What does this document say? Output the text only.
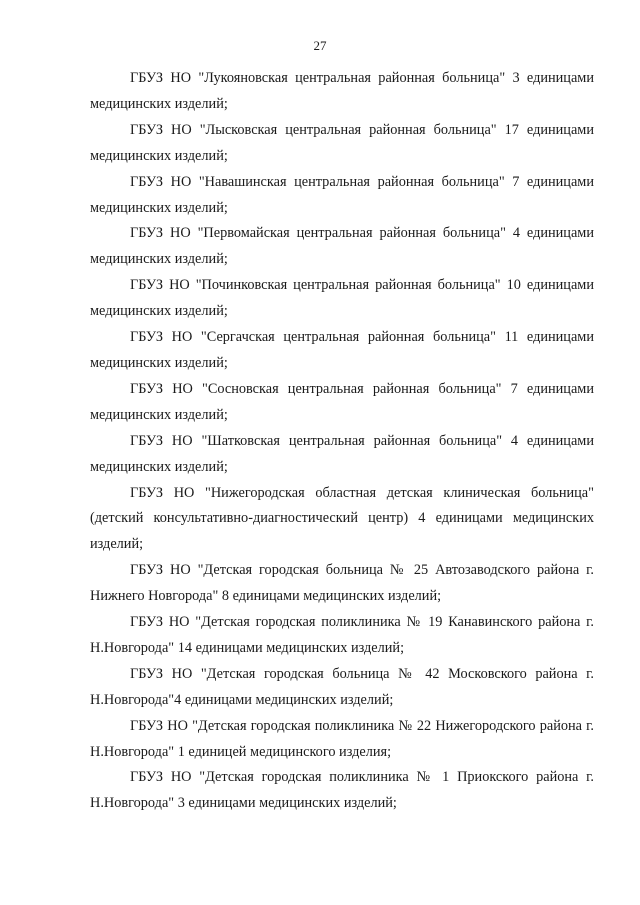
27

ГБУЗ НО "Лукояновская центральная районная больница" 3 единицами медицинских изделий;

ГБУЗ НО "Лысковская центральная районная больница" 17 единицами медицинских изделий;

ГБУЗ НО "Навашинская центральная районная больница" 7 единицами медицинских изделий;

ГБУЗ НО "Первомайская центральная районная больница" 4 единицами медицинских изделий;

ГБУЗ НО "Починковская центральная районная больница" 10 единицами медицинских изделий;

ГБУЗ НО "Сергачская центральная районная больница" 11 единицами медицинских изделий;

ГБУЗ НО "Сосновская центральная районная больница" 7 единицами медицинских изделий;

ГБУЗ НО "Шатковская центральная районная больница" 4 единицами медицинских изделий;

ГБУЗ НО "Нижегородская областная детская клиническая больница" (детский консультативно-диагностический центр) 4 единицами медицинских изделий;

ГБУЗ НО "Детская городская больница № 25 Автозаводского района г. Нижнего Новгорода" 8 единицами медицинских изделий;

ГБУЗ НО "Детская городская поликлиника № 19 Канавинского района г. Н.Новгорода" 14 единицами медицинских изделий;

ГБУЗ НО "Детская городская больница № 42 Московского района г. Н.Новгорода"4 единицами медицинских изделий;

ГБУЗ НО "Детская городская поликлиника № 22 Нижегородского района г. Н.Новгорода" 1 единицей медицинского изделия;

ГБУЗ НО "Детская городская поликлиника № 1 Приокского района г. Н.Новгорода" 3 единицами медицинских изделий;
